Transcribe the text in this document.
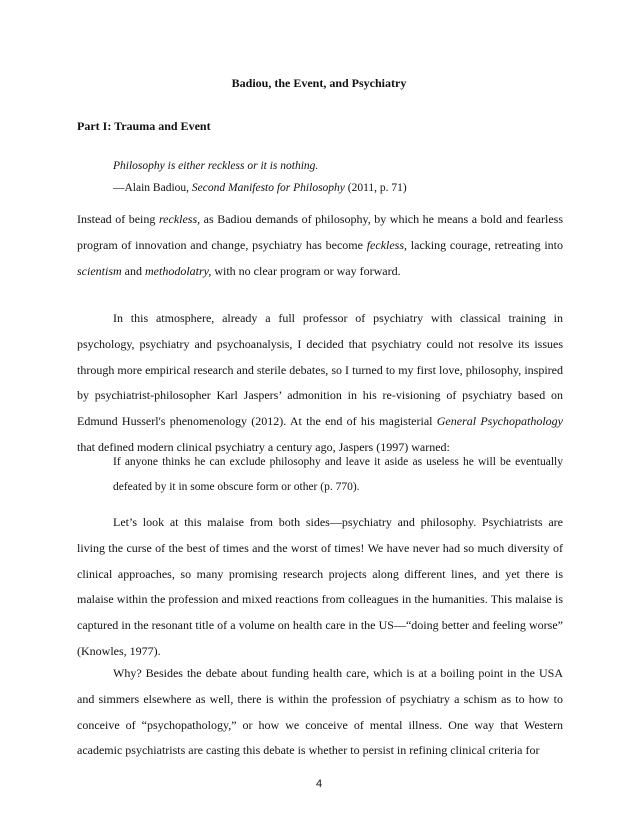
Badiou, the Event, and Psychiatry
Part I: Trauma and Event
Philosophy is either reckless or it is nothing.
—Alain Badiou, Second Manifesto for Philosophy (2011, p. 71)

Instead of being reckless, as Badiou demands of philosophy, by which he means a bold and fearless program of innovation and change, psychiatry has become feckless, lacking courage, retreating into scientism and methodolatry, with no clear program or way forward.

In this atmosphere, already a full professor of psychiatry with classical training in psychology, psychiatry and psychoanalysis, I decided that psychiatry could not resolve its issues through more empirical research and sterile debates, so I turned to my first love, philosophy, inspired by psychiatrist-philosopher Karl Jaspers’ admonition in his re-visioning of psychiatry based on Edmund Husserl's phenomenology (2012). At the end of his magisterial General Psychopathology that defined modern clinical psychiatry a century ago, Jaspers (1997) warned:

If anyone thinks he can exclude philosophy and leave it aside as useless he will be eventually defeated by it in some obscure form or other (p. 770).

Let’s look at this malaise from both sides—psychiatry and philosophy. Psychiatrists are living the curse of the best of times and the worst of times! We have never had so much diversity of clinical approaches, so many promising research projects along different lines, and yet there is malaise within the profession and mixed reactions from colleagues in the humanities. This malaise is captured in the resonant title of a volume on health care in the US—“doing better and feeling worse” (Knowles, 1977).

Why? Besides the debate about funding health care, which is at a boiling point in the USA and simmers elsewhere as well, there is within the profession of psychiatry a schism as to how to conceive of “psychopathology,” or how we conceive of mental illness. One way that Western academic psychiatrists are casting this debate is whether to persist in refining clinical criteria for

4
